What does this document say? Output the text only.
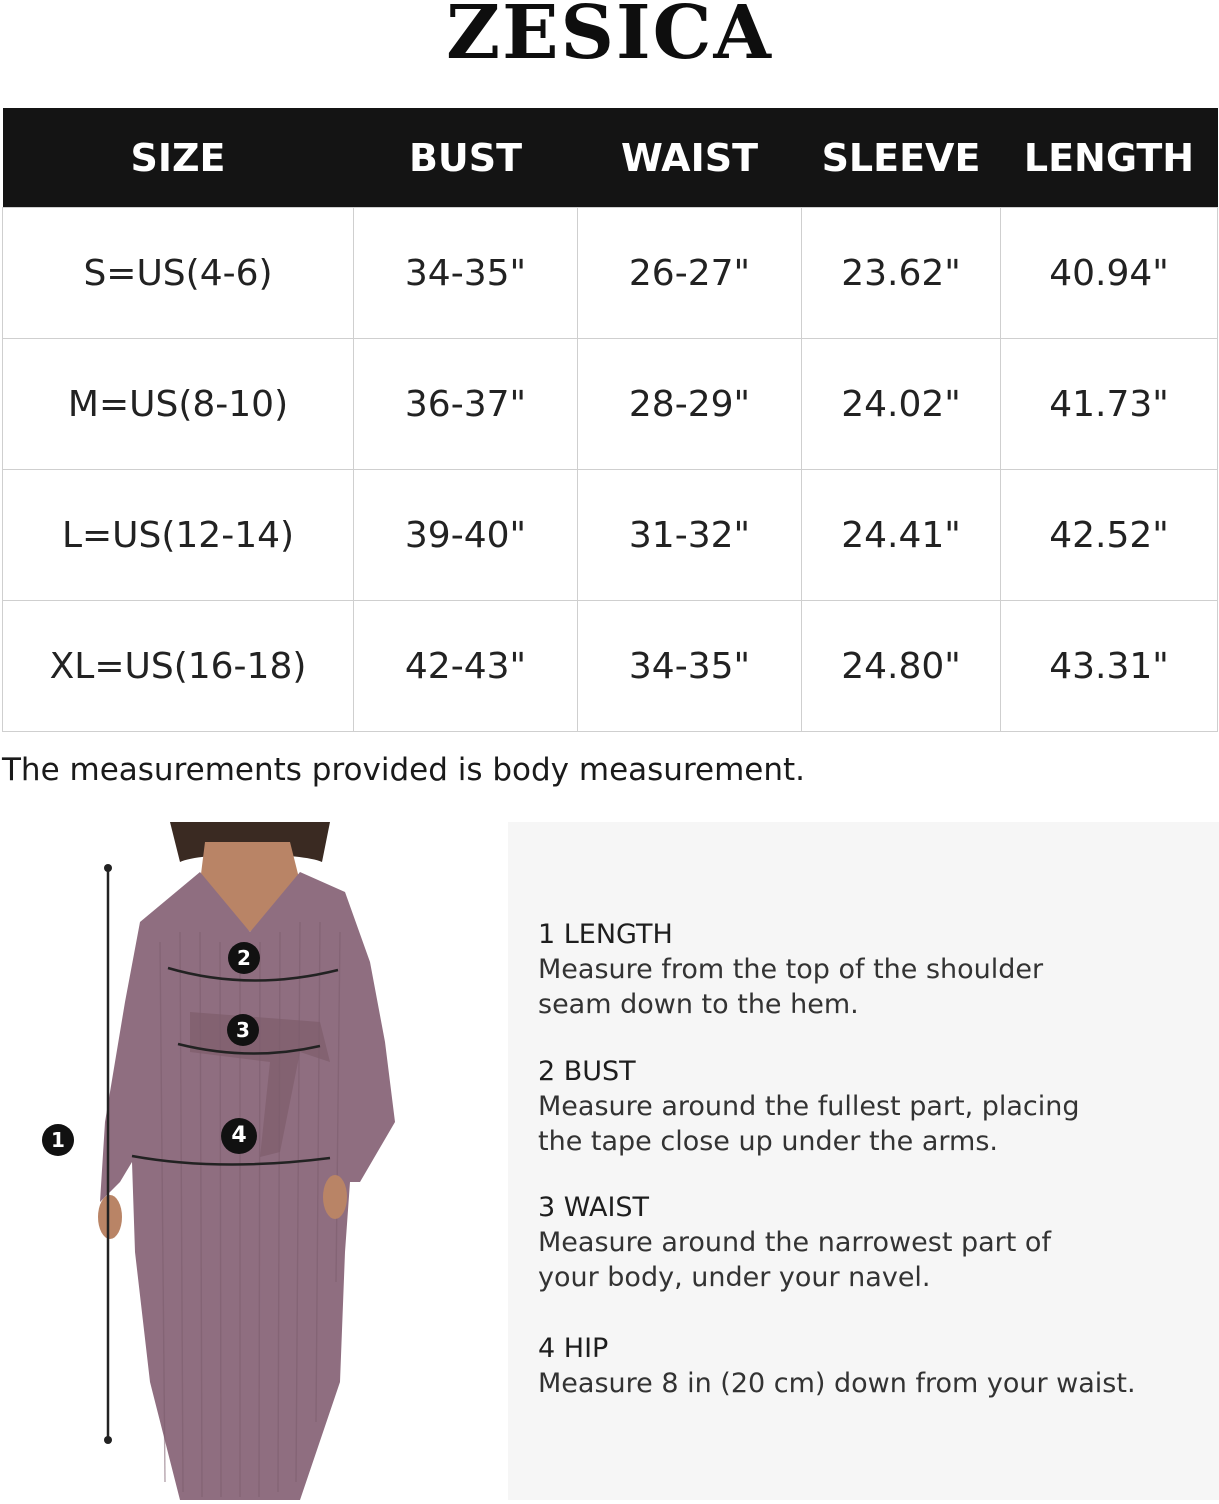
ZESICA
SIZE	BUST	WAIST	SLEEVE	LENGTH
S=US(4-6)	34-35"	26-27"	23.62"	40.94"
M=US(8-10)	36-37"	28-29"	24.02"	41.73"
L=US(12-14)	39-40"	31-32"	24.41"	42.52"
XL=US(16-18)	42-43"	34-35"	24.80"	43.31"
The measurements provided is body measurement.
1
2
3
4
1 LENGTH
Measure from the top of the shoulder
seam down to the hem.
2 BUST
Measure around the fullest part, placing
the tape close up under the arms.
3 WAIST
Measure around the narrowest part of
your body, under your navel.
4 HIP
Measure 8 in (20 cm) down from your waist.
